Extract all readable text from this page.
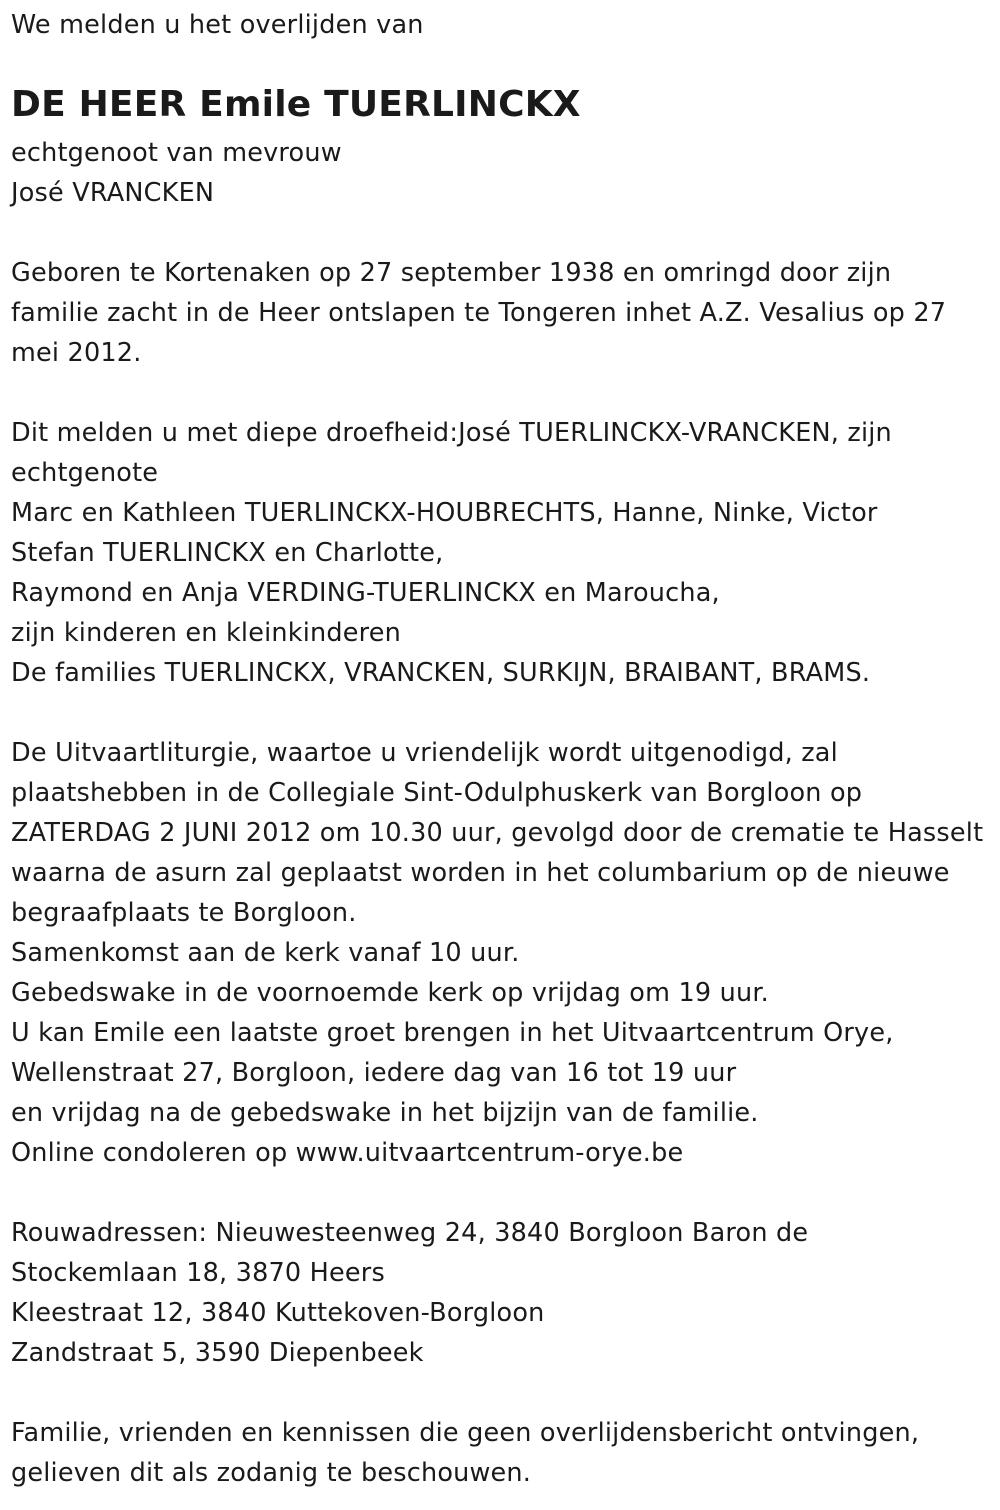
We melden u het overlijden van
DE HEER Emile TUERLINCKX
echtgenoot van mevrouw
José VRANCKEN
Geboren te Kortenaken op 27 september 1938 en omringd door zijn
familie zacht in de Heer ontslapen te Tongeren inhet A.Z. Vesalius op 27
mei 2012.
Dit melden u met diepe droefheid:José TUERLINCKX-VRANCKEN, zijn
echtgenote
Marc en Kathleen TUERLINCKX-HOUBRECHTS, Hanne, Ninke, Victor
Stefan TUERLINCKX en Charlotte,
Raymond en Anja VERDING-TUERLINCKX en Maroucha,
zijn kinderen en kleinkinderen
De families TUERLINCKX, VRANCKEN, SURKIJN, BRAIBANT, BRAMS.
De Uitvaartliturgie, waartoe u vriendelijk wordt uitgenodigd, zal
plaatshebben in de Collegiale Sint-Odulphuskerk van Borgloon op
ZATERDAG 2 JUNI 2012 om 10.30 uur, gevolgd door de crematie te Hasselt
waarna de asurn zal geplaatst worden in het columbarium op de nieuwe
begraafplaats te Borgloon.
Samenkomst aan de kerk vanaf 10 uur.
Gebedswake in de voornoemde kerk op vrijdag om 19 uur.
U kan Emile een laatste groet brengen in het Uitvaartcentrum Orye,
Wellenstraat 27, Borgloon, iedere dag van 16 tot 19 uur
en vrijdag na de gebedswake in het bijzijn van de familie.
Online condoleren op www.uitvaartcentrum-orye.be
Rouwadressen: Nieuwesteenweg 24, 3840 Borgloon Baron de
Stockemlaan 18, 3870 Heers
Kleestraat 12, 3840 Kuttekoven-Borgloon
Zandstraat 5, 3590 Diepenbeek
Familie, vrienden en kennissen die geen overlijdensbericht ontvingen,
gelieven dit als zodanig te beschouwen.
